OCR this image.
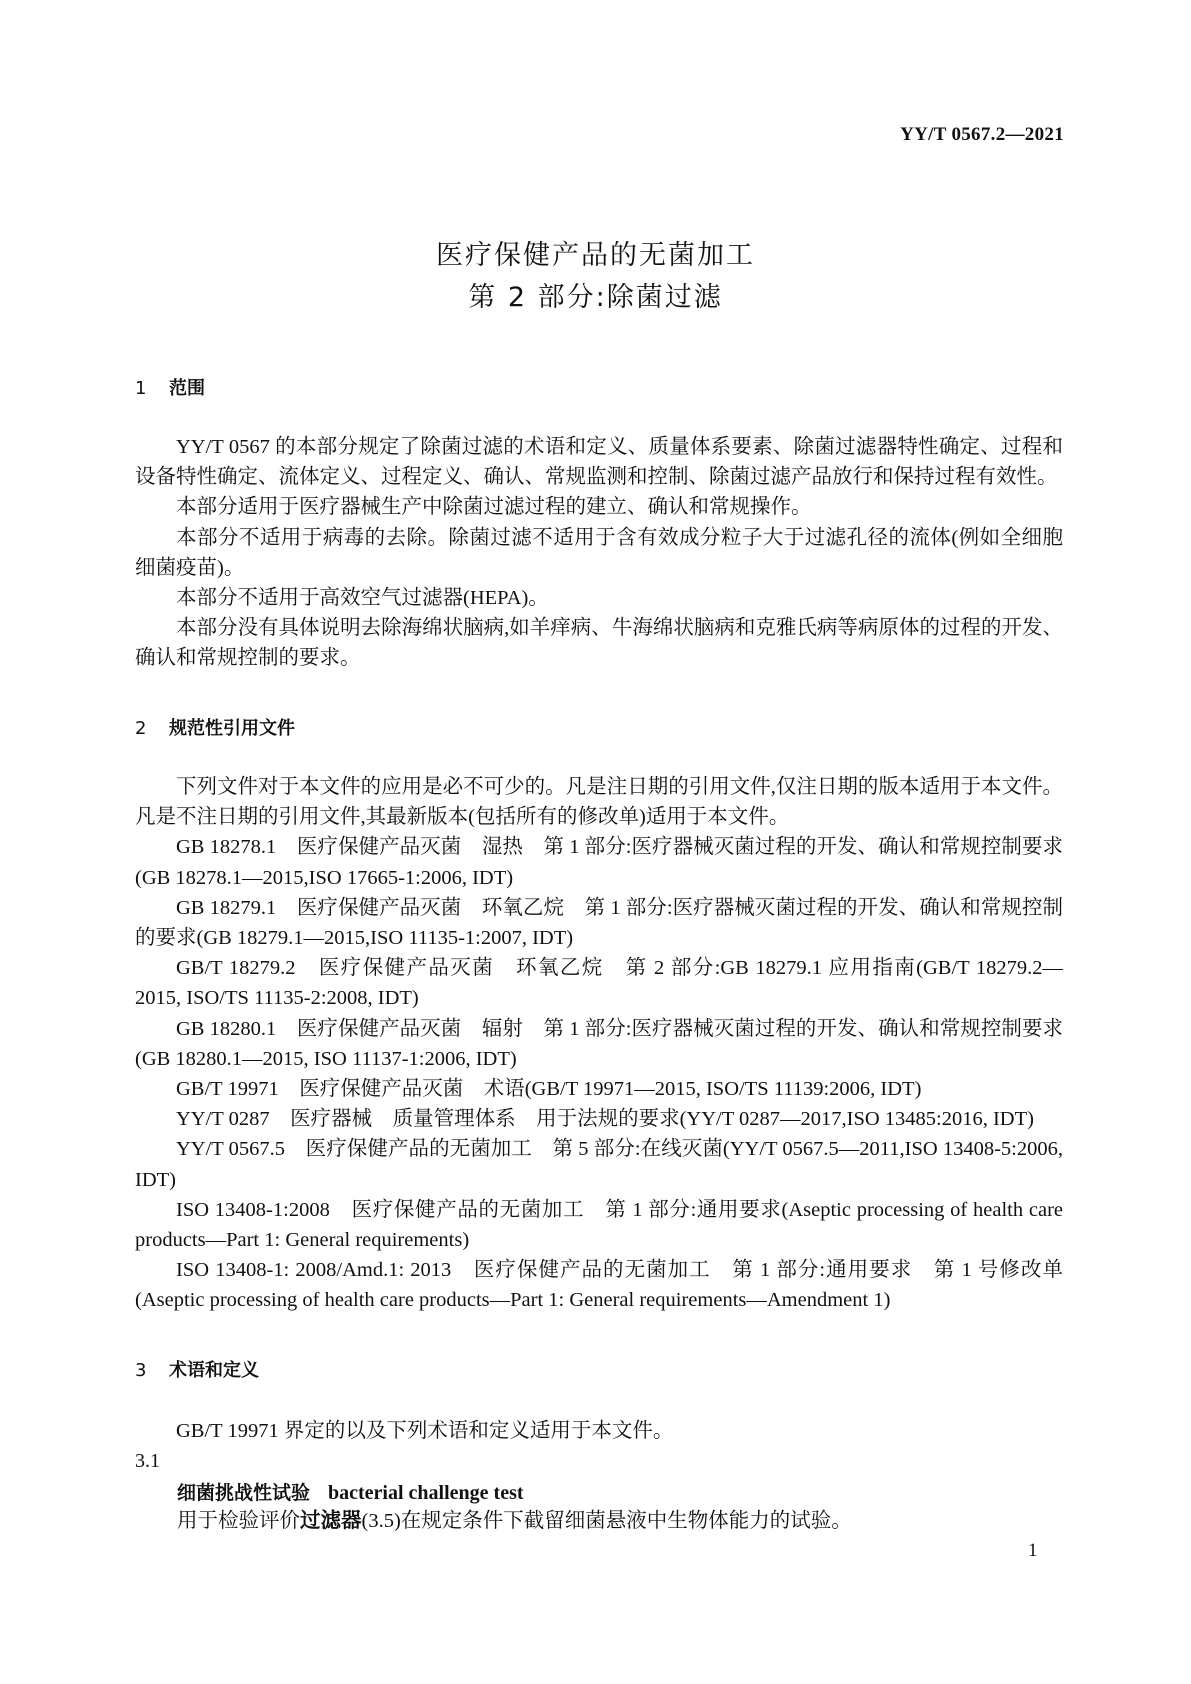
YY/T 0567.2—2021
医疗保健产品的无菌加工
第 2 部分:除菌过滤
1 范围

YY/T 0567 的本部分规定了除菌过滤的术语和定义、质量体系要素、除菌过滤器特性确定、过程和设备特性确定、流体定义、过程定义、确认、常规监测和控制、除菌过滤产品放行和保持过程有效性。

本部分适用于医疗器械生产中除菌过滤过程的建立、确认和常规操作。

本部分不适用于病毒的去除。除菌过滤不适用于含有效成分粒子大于过滤孔径的流体(例如全细胞细菌疫苗)。

本部分不适用于高效空气过滤器(HEPA)。

本部分没有具体说明去除海绵状脑病,如羊痒病、牛海绵状脑病和克雅氏病等病原体的过程的开发、确认和常规控制的要求。

2 规范性引用文件

下列文件对于本文件的应用是必不可少的。凡是注日期的引用文件,仅注日期的版本适用于本文件。凡是不注日期的引用文件,其最新版本(包括所有的修改单)适用于本文件。

GB 18278.1　医疗保健产品灭菌　湿热　第 1 部分:医疗器械灭菌过程的开发、确认和常规控制要求(GB 18278.1—2015,ISO 17665-1:2006, IDT)

GB 18279.1　医疗保健产品灭菌　环氧乙烷　第 1 部分:医疗器械灭菌过程的开发、确认和常规控制的要求(GB 18279.1—2015,ISO 11135-1:2007, IDT)

GB/T 18279.2　医疗保健产品灭菌　环氧乙烷　第 2 部分:GB 18279.1 应用指南(GB/T 18279.2—2015, ISO/TS 11135-2:2008, IDT)

GB 18280.1　医疗保健产品灭菌　辐射　第 1 部分:医疗器械灭菌过程的开发、确认和常规控制要求 (GB 18280.1—2015, ISO 11137-1:2006, IDT)

GB/T 19971　医疗保健产品灭菌　术语(GB/T 19971—2015, ISO/TS 11139:2006, IDT)

YY/T 0287　医疗器械　质量管理体系　用于法规的要求(YY/T 0287—2017,ISO 13485:2016, IDT)

YY/T 0567.5　医疗保健产品的无菌加工　第 5 部分:在线灭菌(YY/T 0567.5—2011,ISO 13408-5:2006, IDT)

ISO 13408-1:2008　医疗保健产品的无菌加工　第 1 部分:通用要求(Aseptic processing of health care products—Part 1: General requirements)

ISO 13408-1: 2008/Amd.1: 2013　医疗保健产品的无菌加工　第 1 部分:通用要求　第 1 号修改单(Aseptic processing of health care products—Part 1: General requirements—Amendment 1)

3 术语和定义

GB/T 19971 界定的以及下列术语和定义适用于本文件。

3.1
细菌挑战性试验 bacterial challenge test
用于检验评价过滤器(3.5)在规定条件下截留细菌悬液中生物体能力的试验。
1
